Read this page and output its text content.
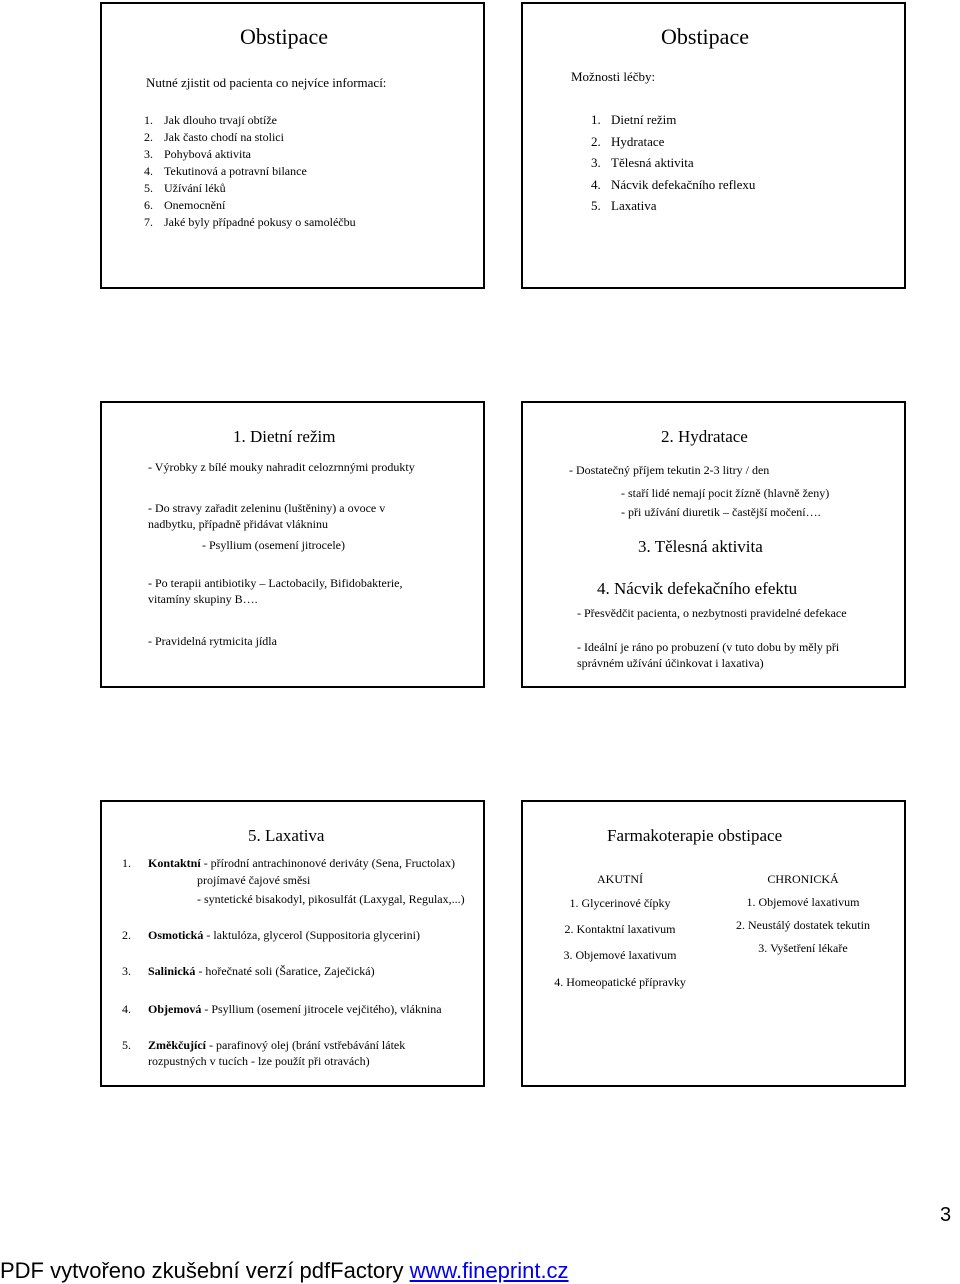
Obstipace
Nutné zjistit od pacienta co nejvíce informací:
1. Jak dlouho trvají obtíže
2. Jak často chodí na stolici
3. Pohybová aktivita
4. Tekutinová a potravní bilance
5. Užívání léků
6. Onemocnění
7. Jaké byly případné pokusy o samoléčbu
Obstipace
Možnosti léčby:
1. Dietní režim
2. Hydratace
3. Tělesná aktivita
4. Nácvik defekačního reflexu
5. Laxativa
1. Dietní režim
- Výrobky z bílé mouky nahradit celozrnnými produkty
- Do stravy zařadit zeleninu (luštěniny) a ovoce v
nadbytku, případně přidávat vlákninu
- Psyllium (osemení jitrocele)
- Po terapii antibiotiky – Lactobacily, Bifidobakterie,
vitamíny skupiny B….
- Pravidelná rytmicita jídla
2. Hydratace
- Dostatečný příjem tekutin 2-3 litry / den
- staří lidé nemají pocit žízně (hlavně ženy)
- při užívání diuretik – častější močení….
3. Tělesná aktivita
4. Nácvik defekačního efektu
- Přesvědčit pacienta, o nezbytnosti pravidelné defekace
- Ideální je ráno po probuzení (v tuto dobu by měly při
správném užívání účinkovat i laxativa)
5. Laxativa
1. Kontaktní - přírodní antrachinonové deriváty (Sena, Fructolax)
projímavé čajové směsi
- syntetické bisakodyl, pikosulfát (Laxygal, Regulax,...)
2. Osmotická - laktulóza, glycerol (Suppositoria glycerini)
3. Salinická - hořečnaté soli (Šaratice, Zaječická)
4. Objemová - Psyllium (osemení jitrocele vejčitého), vláknina
5. Změkčující - parafinový olej (brání vstřebávání látek
rozpustných v tucích - lze použít při otravách)
Farmakoterapie obstipace
AKUTNÍ
1. Glycerinové čípky
2. Kontaktní laxativum
3. Objemové laxativum
4. Homeopatické přípravky
CHRONICKÁ
1. Objemové laxativum
2. Neustálý dostatek tekutin
3. Vyšetření lékaře
3
PDF vytvořeno zkušební verzí pdfFactory www.fineprint.cz
